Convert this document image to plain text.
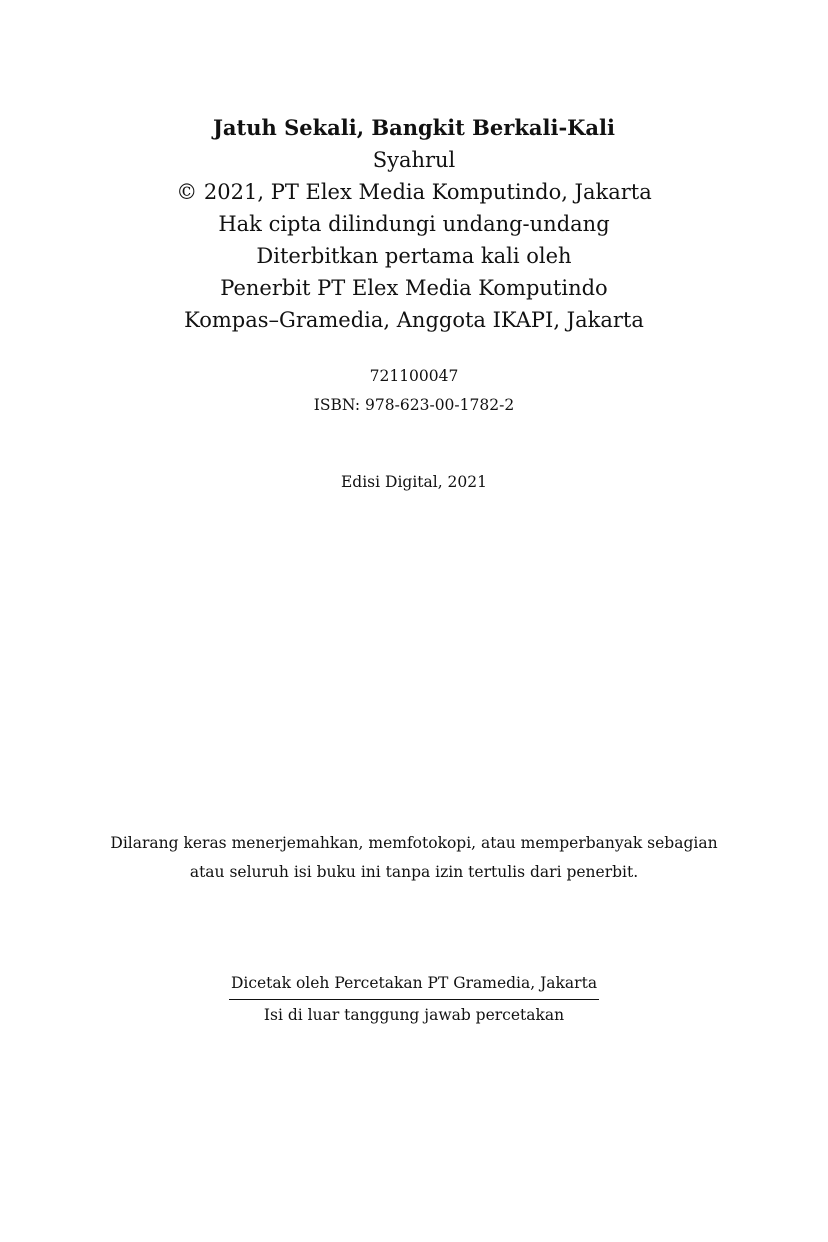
Jatuh Sekali, Bangkit Berkali-Kali
Syahrul
© 2021, PT Elex Media Komputindo, Jakarta
Hak cipta dilindungi undang-undang
Diterbitkan pertama kali oleh
Penerbit PT Elex Media Komputindo
Kompas–Gramedia, Anggota IKAPI, Jakarta
721100047
ISBN: 978-623-00-1782-2
Edisi Digital, 2021
Dilarang keras menerjemahkan, memfotokopi, atau memperbanyak sebagian
atau seluruh isi buku ini tanpa izin tertulis dari penerbit.
Dicetak oleh Percetakan PT Gramedia, Jakarta
Isi di luar tanggung jawab percetakan
